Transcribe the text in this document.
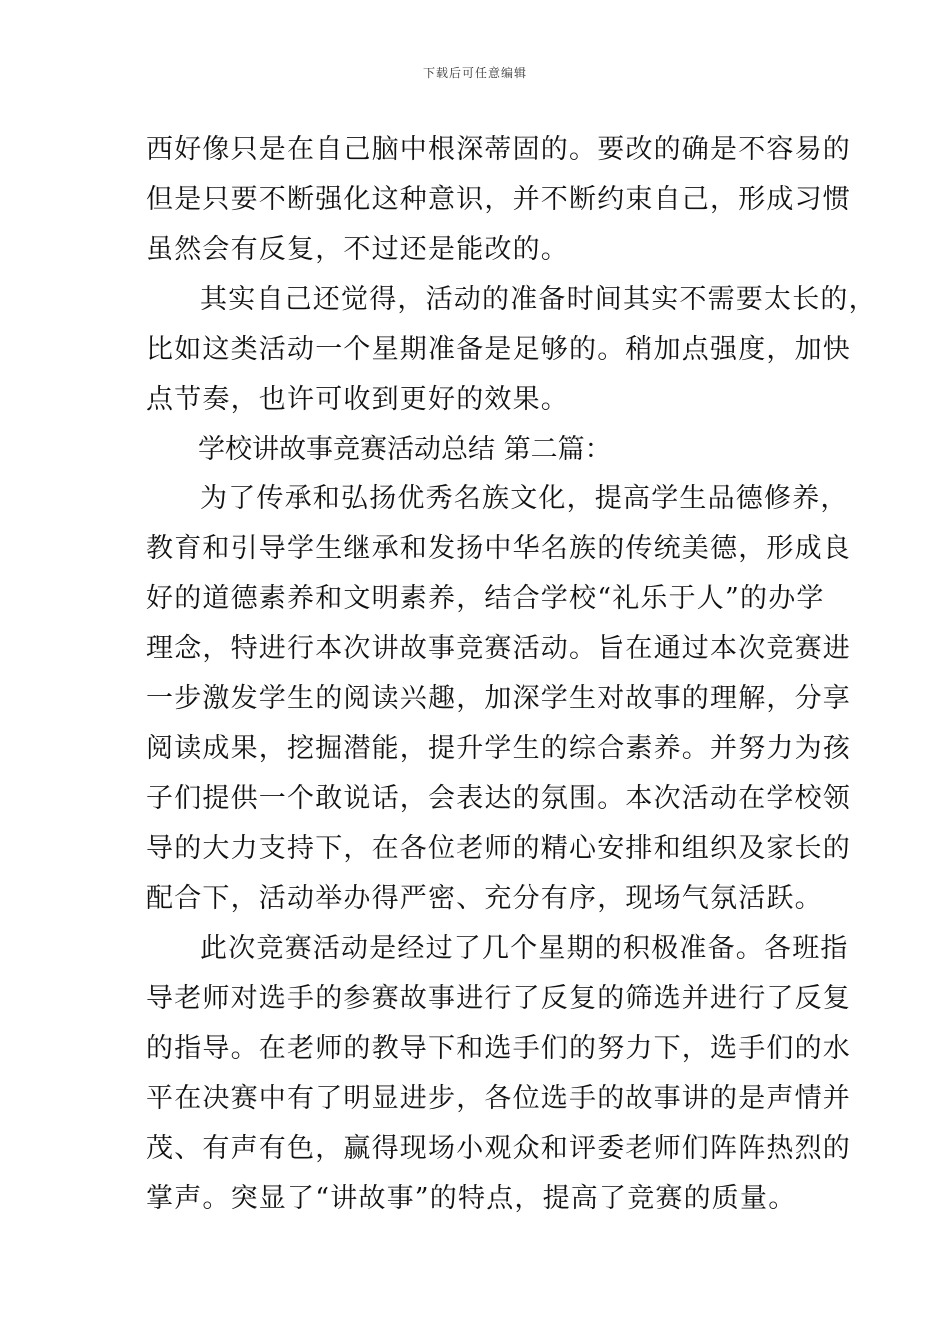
下载后可任意编辑
西好像只是在自己脑中根深蒂固的。要改的确是不容易的
但是只要不断强化这种意识，并不断约束自己，形成习惯
虽然会有反复，不过还是能改的。
其实自己还觉得，活动的准备时间其实不需要太长的，
比如这类活动一个星期准备是足够的。稍加点强度，加快
点节奏，也许可收到更好的效果。
学校讲故事竞赛活动总结 第二篇：
为了传承和弘扬优秀名族文化，提高学生品德修养，
教育和引导学生继承和发扬中华名族的传统美德，形成良
好的道德素养和文明素养，结合学校“礼乐于人”的办学
理念，特进行本次讲故事竞赛活动。旨在通过本次竞赛进
一步激发学生的阅读兴趣，加深学生对故事的理解，分享
阅读成果，挖掘潜能，提升学生的综合素养。并努力为孩
子们提供一个敢说话，会表达的氛围。本次活动在学校领
导的大力支持下，在各位老师的精心安排和组织及家长的
配合下，活动举办得严密、充分有序，现场气氛活跃。
此次竞赛活动是经过了几个星期的积极准备。各班指
导老师对选手的参赛故事进行了反复的筛选并进行了反复
的指导。在老师的教导下和选手们的努力下，选手们的水
平在决赛中有了明显进步，各位选手的故事讲的是声情并
茂、有声有色，赢得现场小观众和评委老师们阵阵热烈的
掌声。突显了“讲故事”的特点，提高了竞赛的质量。
